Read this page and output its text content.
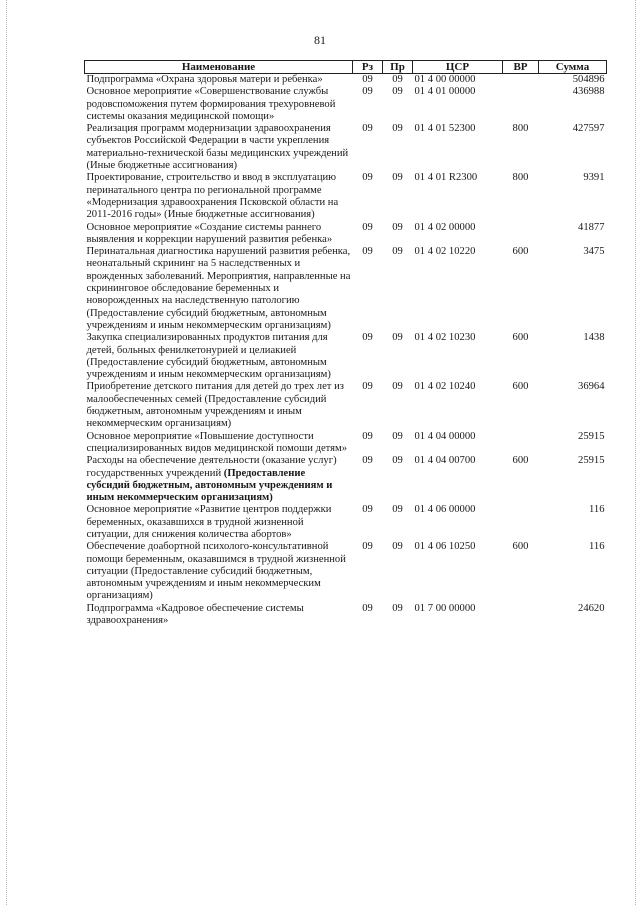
81
Наименование	Рз	Пр	ЦСР	ВР	Сумма
Подпрограмма «Охрана здоровья матери и ребенка»	09	09	01 4 00 00000		504896
Основное мероприятие «Совершенствование службы родовспоможения путем формирования трехуровневой системы оказания медицинской помощи»	09	09	01 4 01 00000		436988
Реализация программ модернизации здравоохранения субъектов Российской Федерации в части укрепления материально-технической базы медицинских учреждений (Иные бюджетные ассигнования)	09	09	01 4 01 52300	800	427597
Проектирование, строительство и ввод в эксплуатацию перинатального центра по региональной программе «Модернизация здравоохранения Псковской области на 2011-2016 годы» (Иные бюджетные ассигнования)	09	09	01 4 01 R2300	800	9391
Основное мероприятие «Создание системы раннего выявления и коррекции нарушений развития ребенка»	09	09	01 4 02 00000		41877
Перинатальная диагностика нарушений развития ребенка, неонатальный скрининг на 5 наследственных и врожденных заболеваний. Мероприятия, направленные на скрининговое обследование беременных и новорожденных на наследственную патологию (Предоставление субсидий бюджетным, автономным учреждениям и иным некоммерческим организациям)	09	09	01 4 02 10220	600	3475
Закупка специализированных продуктов питания для детей, больных фенилкетонурией и целиакией (Предоставление субсидий бюджетным, автономным учреждениям и иным некоммерческим организациям)	09	09	01 4 02 10230	600	1438
Приобретение детского питания для детей до трех лет из малообеспеченных семей (Предоставление субсидий бюджетным, автономным учреждениям и иным некоммерческим организациям)	09	09	01 4 02 10240	600	36964
Основное мероприятие «Повышение доступности специализированных видов медицинской помоши детям»	09	09	01 4 04 00000		25915
Расходы на обеспечение деятельности (оказание услуг) государственных учреждений (Предоставление субсидий бюджетным, автономным учреждениям и иным некоммерческим организациям)	09	09	01 4 04 00700	600	25915
Основное мероприятие «Развитие центров поддержки беременных, оказавшихся в трудной жизненной ситуации, для снижения количества абортов»	09	09	01 4 06 00000		116
Обеспечение доабортной психолого-консультативной помощи беременным, оказавшимся в трудной жизненной ситуации (Предоставление субсидий бюджетным, автономным учреждениям и иным некоммерческим организациям)	09	09	01 4 06 10250	600	116
Подпрограмма «Кадровое обеспечение системы здравоохранения»	09	09	01 7 00 00000		24620
